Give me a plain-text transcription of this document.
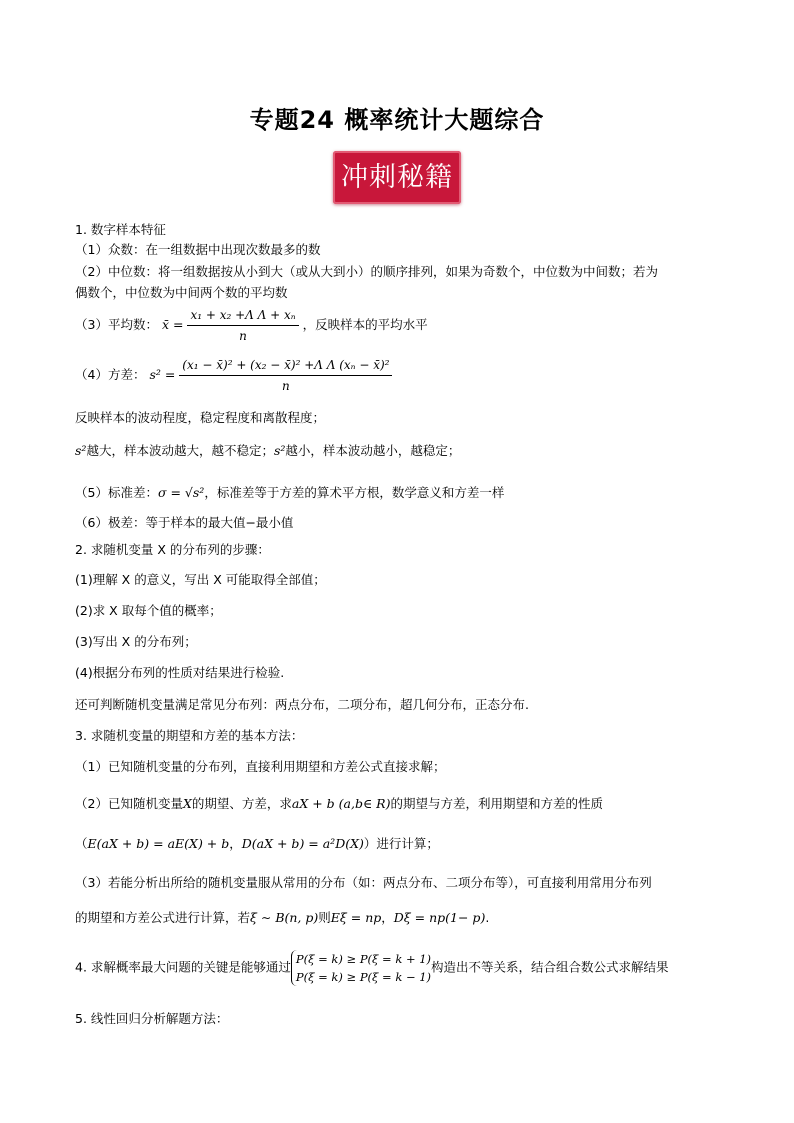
专题24 概率统计大题综合
冲刺秘籍
1. 数字样本特征
（1）众数：在一组数据中出现次数最多的数
（2）中位数：将一组数据按从小到大（或从大到小）的顺序排列，如果为奇数个，中位数为中间数；若为
偶数个，中位数为中间两个数的平均数
（3）平均数： x̄ = $\frac{\text{x₁ + x₂ +Λ Λ + xₙ}}{n}$ ，反映样本的平均水平
（4）方差： $s^2 = \frac{\text{(x₁ − x̄)² + (x₂ − x̄)² +Λ Λ (xₙ − x̄)²}}{n}$
反映样本的波动程度，稳定程度和离散程度；
s²越大，样本波动越大，越不稳定；s²越小，样本波动越小，越稳定；
（5）标准差：σ = √s²，标准差等于方差的算术平方根，数学意义和方差一样
（6）极差：等于样本的最大值−最小值
2. 求随机变量 X 的分布列的步骤：
(1)理解 X 的意义，写出 X 可能取得全部值；
(2)求 X 取每个值的概率；
(3)写出 X 的分布列；
(4)根据分布列的性质对结果进行检验.
还可判断随机变量满足常见分布列：两点分布，二项分布，超几何分布，正态分布.
3. 求随机变量的期望和方差的基本方法：
（1）已知随机变量的分布列，直接利用期望和方差公式直接求解；
（2）已知随机变量X的期望、方差，求aX + b (a,b∈ R)的期望与方差，利用期望和方差的性质
（E(aX + b) = aE(X) + b，D(aX + b) = a²D(X)）进行计算；
（3）若能分析出所给的随机变量服从常用的分布（如：两点分布、二项分布等），可直接利用常用分布列
的期望和方差公式进行计算，若ξ ∼ B(n, p)则Eξ = np，Dξ = np(1− p).
4. 求解概率最大问题的关键是能够通过
P(ξ = k) ≥ P(ξ = k + 1)
P(ξ = k) ≥ P(ξ = k − 1)
构造出不等关系，结合组合数公式求解结果
5. 线性回归分析解题方法：
